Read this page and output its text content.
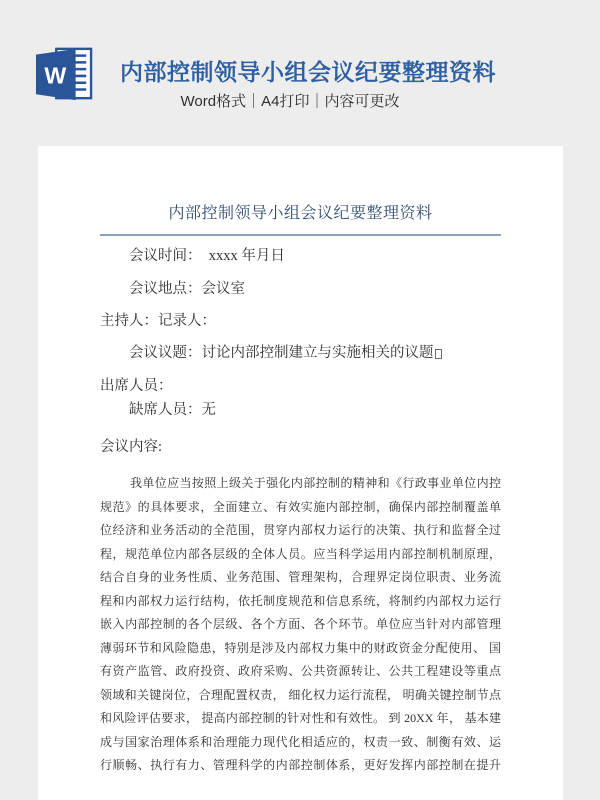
W 内部控制领导小组会议纪要整理资料
Word格式｜A4打印｜内容可更改
内部控制领导小组会议纪要整理资料
会议时间：  xxxx 年月日
会议地点：会议室
主持人：记录人：
会议议题：讨论内部控制建立与实施相关的议题
出席人员：
缺席人员：无
会议内容:
我单位应当按照上级关于强化内部控制的精神和《行政事业单位内控
规范》的具体要求，全面建立、有效实施内部控制，确保内部控制覆盖单
位经济和业务活动的全范围，贯穿内部权力运行的决策、执行和监督全过
程，规范单位内部各层级的全体人员。应当科学运用内部控制机制原理，
结合自身的业务性质、业务范围、管理架构，合理界定岗位职责、业务流
程和内部权力运行结构，依托制度规范和信息系统，将制约内部权力运行
嵌入内部控制的各个层级、各个方面、各个环节。单位应当针对内部管理
薄弱环节和风险隐患，特别是涉及内部权力集中的财政资金分配使用、 国
有资产监管、政府投资、政府采购、公共资源转让、公共工程建设等重点
领域和关键岗位，合理配置权责， 细化权力运行流程， 明确关键控制节点
和风险评估要求， 提高内部控制的针对性和有效性。 到 20XX 年， 基本建
成与国家治理体系和治理能力现代化相适应的，权责一致、制衡有效、运
行顺畅、执行有力、管理科学的内部控制体系，更好发挥内部控制在提升
